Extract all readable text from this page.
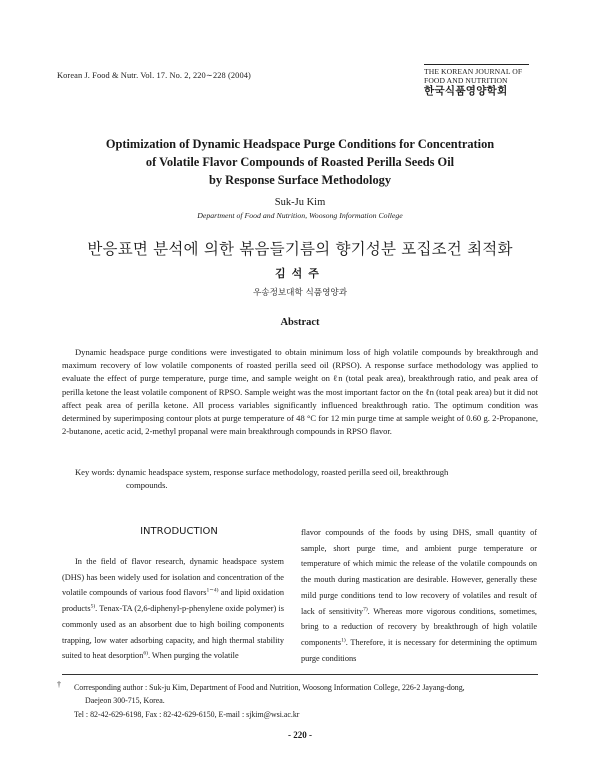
Korean J. Food & Nutr. Vol. 17. No. 2, 220∼228 (2004)	THE KOREAN JOURNAL OF
FOOD AND NUTRITION
한국식품영양학회
Optimization of Dynamic Headspace Purge Conditions for Concentration
of Volatile Flavor Compounds of Roasted Perilla Seeds Oil
by Response Surface Methodology
Suk-Ju Kim
Department of Food and Nutrition, Woosong Information College
반응표면 분석에 의한 볶음들기름의 향기성분 포집조건 최적화
김석주
우송정보대학 식품영양과
Abstract

Dynamic headspace purge conditions were investigated to obtain minimum loss of high volatile compounds by breakthrough and maximum recovery of low volatile components of roasted perilla seed oil (RPSO). A response surface methodology was applied to evaluate the effect of purge temperature, purge time, and sample weight on ℓn (total peak area), breakthrough ratio, and peak area of perilla ketone the least volatile component of RPSO. Sample weight was the most important factor on the ℓn (total peak area) but it did not affect peak area of perilla ketone. All process variables significantly influenced breakthrough ratio. The optimum condition was determined by superimposing contour plots at purge temperature of 48 °C for 12 min purge time at sample weight of 0.60 g. 2-Propanone, 2-butanone, acetic acid, 2-methyl propanal were main breakthrough compounds in RPSO flavor.

Key words: dynamic headspace system, response surface methodology, roasted perilla seed oil, breakthrough
compounds.
INTRODUCTION

In the field of flavor research, dynamic headspace system (DHS) has been widely used for isolation and concentration of the volatile compounds of various food flavors$^{1\sim 4)}$ and lipid oxidation products$^{5)}$. Tenax-TA (2,6-diphenyl-p-phenylene oxide polymer) is commonly used as an absorbent due to high boiling components trapping, low water adsorbing capacity, and high thermal stability suited to heat desorption$^{6)}$. When purging the volatile

flavor compounds of the foods by using DHS, small quantity of sample, short purge time, and ambient purge temperature or temperature of which mimic the release of the volatile compounds on the mouth during mastication are desirable. However, generally these mild purge conditions tend to low recovery of volatiles and result of lack of sensitivity$^{7)}$. Whereas more vigorous conditions, sometimes, bring to a reduction of recovery by breakthrough of high volatile components$^{1)}$. Therefore, it is necessary for determining the optimum purge conditions

†	Corresponding author : Suk-ju Kim, Department of Food and Nutrition, Woosong Information College, 226-2 Jayang-dong,
Daejeon 300-715, Korea.
Tel : 82-42-629-6198, Fax : 82-42-629-6150, E-mail : sjkim@wsi.ac.kr
- 220 -
